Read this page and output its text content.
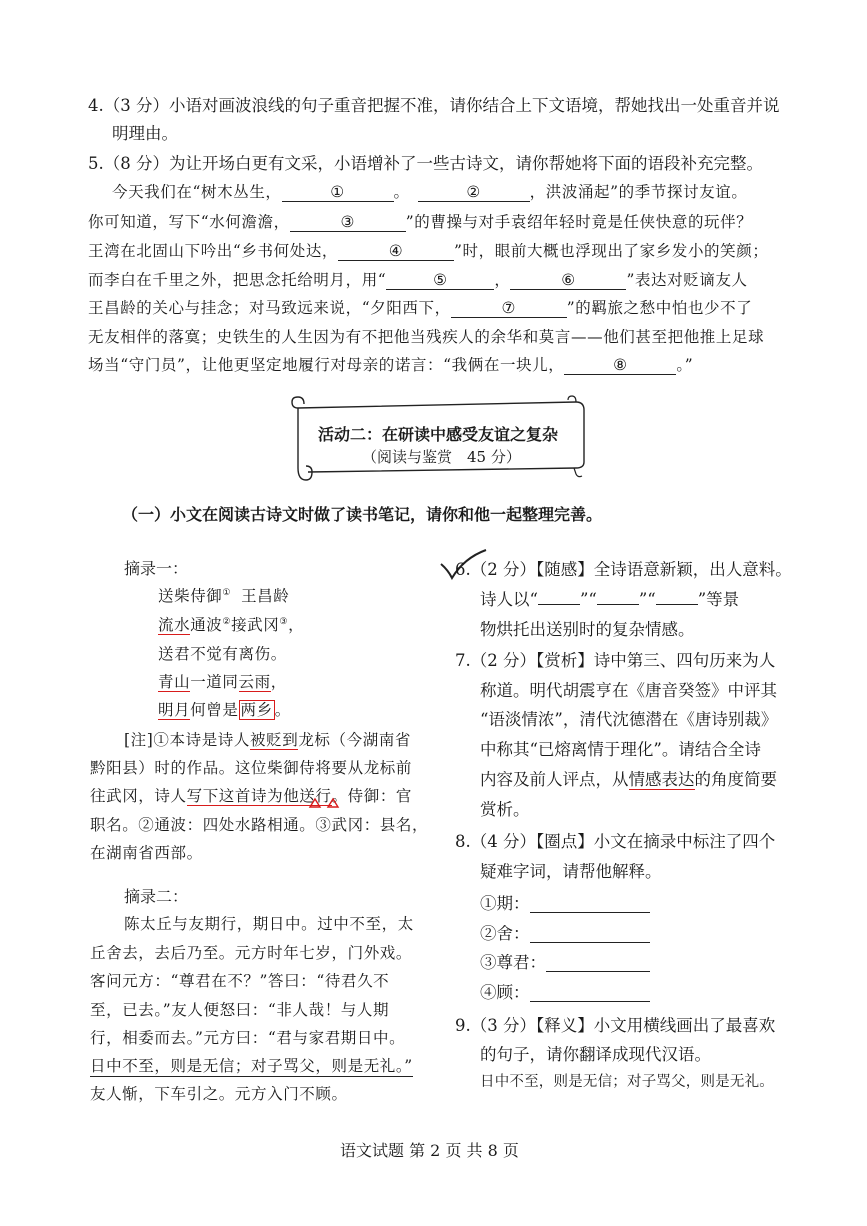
4.（3 分）小语对画波浪线的句子重音把握不准，请你结合上下文语境，帮她找出一处重音并说
明理由。
5.（8 分）为让开场白更有文采，小语增补了一些古诗文，请你帮她将下面的语段补充完整。
今天我们在“树木丛生，	①	。	②	，洪波涌起”的季节探讨友谊。
你可知道，写下“水何澹澹，	③	”的曹操与对手袁绍年轻时竟是任侠快意的玩伴？
王湾在北固山下吟出“乡书何处达，	④	”时，眼前大概也浮现出了家乡发小的笑颜；
而李白在千里之外，把思念托给明月，用“	⑤	，	⑥	”表达对贬谪友人
王昌龄的关心与挂念；对马致远来说，“夕阳西下，	⑦	”的羁旅之愁中怕也少不了
无友相伴的落寞；史铁生的人生因为有不把他当残疾人的余华和莫言——他们甚至把他推上足球
场当“守门员”，让他更坚定地履行对母亲的诺言：“我俩在一块儿，	⑧	。”
活动二：在研读中感受友谊之复杂
（阅读与鉴赏　45 分）
（一）小文在阅读古诗文时做了读书笔记，请你和他一起整理完善。
摘录一：
送柴侍御① 王昌龄
流水通波②接武冈③，
送君不觉有离伤。
青山一道同云雨，
明月何曾是 两乡 。
[注]①本诗是诗人被贬到龙标（今湖南省
黔阳县）时的作品。这位柴御侍将要从龙标前
往武冈，诗人写下这首诗为他送行。侍御：官
职名。②通波：四处水路相通。③武冈：县名，
在湖南省西部。
摘录二：
陈太丘与友期行，期日中。过中不至，太
丘舍去，去后乃至。元方时年七岁，门外戏。
客问元方：“尊君在不？”答曰：“待君久不
至，已去。”友人便怒曰：“非人哉！与人期
行，相委而去。”元方曰：“君与家君期日中。
日中不至，则是无信；对子骂父，则是无礼。”
友人惭，下车引之。元方入门不顾。
6.（2 分）【随感】全诗语意新颖，出人意料。
诗人以“	”“	”“	”等景
物烘托出送别时的复杂情感。
7.（2 分）【赏析】诗中第三、四句历来为人
称道。明代胡震亨在《唐音癸签》中评其
“语淡情浓”，清代沈德潜在《唐诗别裁》
中称其“已熔离情于理化”。请结合全诗
内容及前人评点，从情感表达的角度简要
赏析。
8.（4 分）【圈点】小文在摘录中标注了四个
疑难字词，请帮他解释。
①期：
②舍：
③尊君：
④顾：
9.（3 分）【释义】小文用横线画出了最喜欢
的句子，请你翻译成现代汉语。
日中不至，则是无信；对子骂父，则是无礼。
语文试题 第 2 页 共 8 页
